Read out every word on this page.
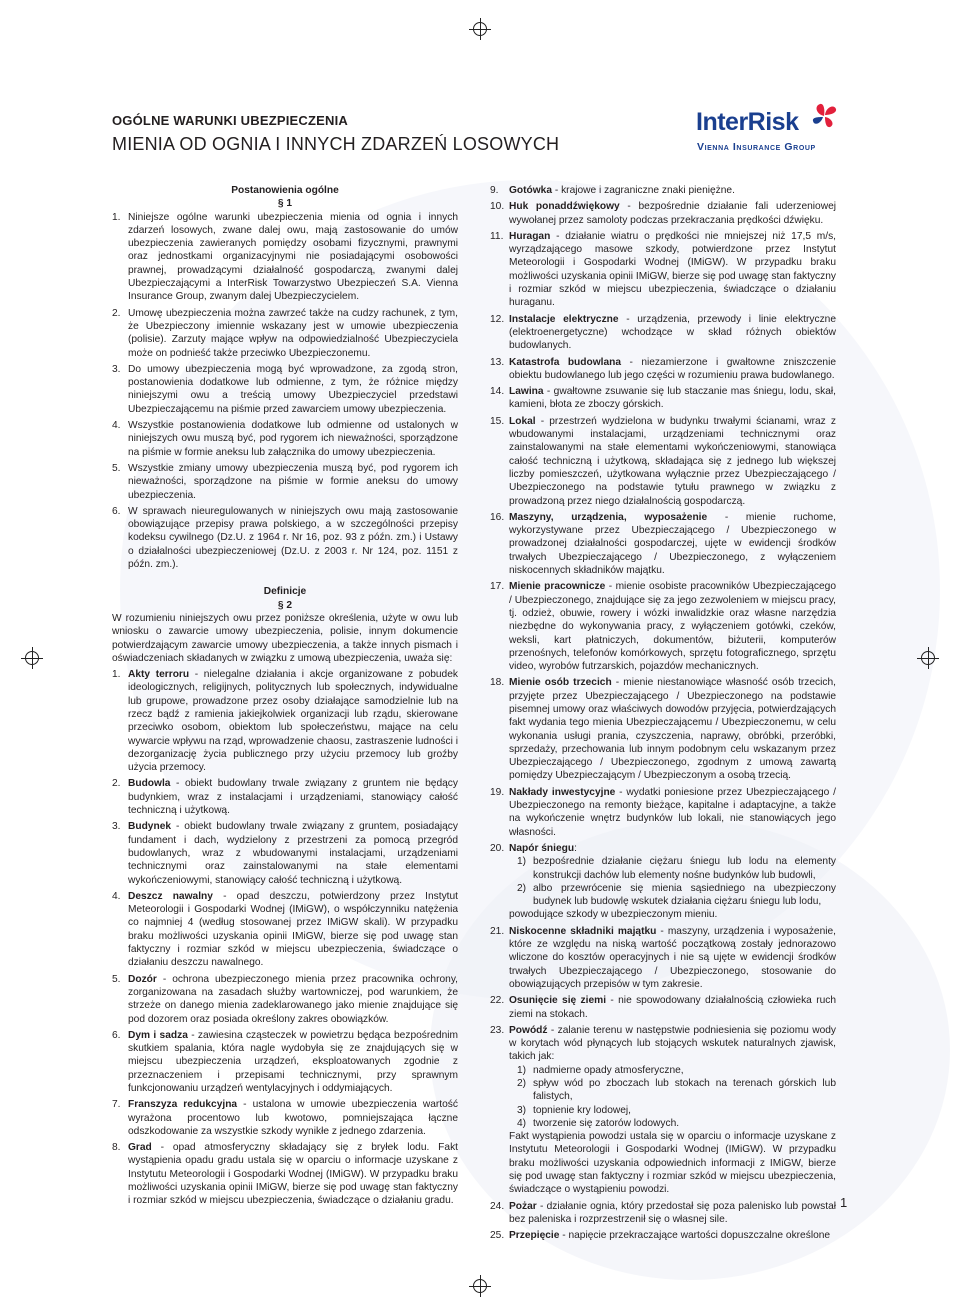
OGÓLNE WARUNKI UBEZPIECZENIA
MIENIA OD OGNIA I INNYCH ZDARZEŃ LOSOWYCH
InterRisk
Vienna Insurance Group

Postanowienia ogólne

§ 1

1. Niniejsze ogólne warunki ubezpieczenia mienia od ognia i innych zdarzeń losowych, zwane dalej owu, mają zastosowanie do umów ubezpieczenia zawieranych pomiędzy osobami fizycznymi, prawnymi oraz jednostkami organizacyjnymi nie posiadającymi osobowości prawnej, prowadzącymi działalność gospodarczą, zwanymi dalej Ubezpieczającymi a InterRisk Towarzystwo Ubezpieczeń S.A. Vienna Insurance Group, zwanym dalej Ubezpieczycielem.
2. Umowę ubezpieczenia można zawrzeć także na cudzy rachunek, z tym, że Ubezpieczony imiennie wskazany jest w umowie ubezpieczenia (polisie). Zarzuty mające wpływ na odpowiedzialność Ubezpieczyciela może on podnieść także przeciwko Ubezpieczonemu.
3. Do umowy ubezpieczenia mogą być wprowadzone, za zgodą stron, postanowienia dodatkowe lub odmienne, z tym, że różnice między niniejszymi owu a treścią umowy Ubezpieczyciel przedstawi Ubezpieczającemu na piśmie przed zawarciem umowy ubezpieczenia.
4. Wszystkie postanowienia dodatkowe lub odmienne od ustalonych w niniejszych owu muszą być, pod rygorem ich nieważności, sporządzone na piśmie w formie aneksu lub załącznika do umowy ubezpieczenia.
5. Wszystkie zmiany umowy ubezpieczenia muszą być, pod rygorem ich nieważności, sporządzone na piśmie w formie aneksu do umowy ubezpieczenia.
6. W sprawach nieuregulowanych w niniejszych owu mają zastosowanie obowiązujące przepisy prawa polskiego, a w szczególności przepisy kodeksu cywilnego (Dz.U. z 1964 r. Nr 16, poz. 93 z późn. zm.) i Ustawy o działalności ubezpieczeniowej (Dz.U. z 2003 r. Nr 124, poz. 1151 z późn. zm.).

Definicje

§ 2

W rozumieniu niniejszych owu przez poniższe określenia, użyte w owu lub wniosku o zawarcie umowy ubezpieczenia, polisie, innym dokumencie potwierdzającym zawarcie umowy ubezpieczenia, a także innych pismach i oświadczeniach składanych w związku z umową ubezpieczenia, uważa się:

1. Akty terroru - nielegalne działania i akcje organizowane z pobudek ideologicznych, religijnych, politycznych lub społecznych, indywidualne lub grupowe, prowadzone przez osoby działające samodzielnie lub na rzecz bądź z ramienia jakiejkolwiek organizacji lub rządu, skierowane przeciwko osobom, obiektom lub społeczeństwu, mające na celu wywarcie wpływu na rząd, wprowadzenie chaosu, zastraszenie ludności i dezorganizację życia publicznego przy użyciu przemocy lub groźby użycia przemocy.
2. Budowla - obiekt budowlany trwale związany z gruntem nie będący budynkiem, wraz z instalacjami i urządzeniami, stanowiący całość techniczną i użytkową.
3. Budynek - obiekt budowlany trwale związany z gruntem, posiadający fundament i dach, wydzielony z przestrzeni za pomocą przegród budowlanych, wraz z wbudowanymi instalacjami, urządzeniami technicznymi oraz zainstalowanymi na stałe elementami wykończeniowymi, stanowiący całość techniczną i użytkową.
4. Deszcz nawalny - opad deszczu, potwierdzony przez Instytut Meteorologii i Gospodarki Wodnej (IMiGW), o współczynniku natężenia co najmniej 4 (według stosowanej przez IMiGW skali). W przypadku braku możliwości uzyskania opinii IMiGW, bierze się pod uwagę stan faktyczny i rozmiar szkód w miejscu ubezpieczenia, świadczące o działaniu deszczu nawalnego.
5. Dozór - ochrona ubezpieczonego mienia przez pracownika ochrony, zorganizowana na zasadach służby wartowniczej, pod warunkiem, że strzeże on danego mienia zadeklarowanego jako mienie znajdujące się pod dozorem oraz posiada określony zakres obowiązków.
6. Dym i sadza - zawiesina cząsteczek w powietrzu będąca bezpośrednim skutkiem spalania, która nagle wydobyła się ze znajdujących się w miejscu ubezpieczenia urządzeń, eksploatowanych zgodnie z przeznaczeniem i przepisami technicznymi, przy sprawnym funkcjonowaniu urządzeń wentylacyjnych i oddymiających.
7. Franszyza redukcyjna - ustalona w umowie ubezpieczenia wartość wyrażona procentowo lub kwotowo, pomniejszająca łączne odszkodowanie za wszystkie szkody wynikłe z jednego zdarzenia.
8. Grad - opad atmosferyczny składający się z bryłek lodu. Fakt wystąpienia opadu gradu ustala się w oparciu o informacje uzyskane z Instytutu Meteorologii i Gospodarki Wodnej (IMiGW). W przypadku braku możliwości uzyskania opinii IMiGW, bierze się pod uwagę stan faktyczny i rozmiar szkód w miejscu ubezpieczenia, świadczące o działaniu gradu.
9. Gotówka - krajowe i zagraniczne znaki pieniężne.
10. Huk ponaddźwiękowy - bezpośrednie działanie fali uderzeniowej wywołanej przez samoloty podczas przekraczania prędkości dźwięku.
11. Huragan - działanie wiatru o prędkości nie mniejszej niż 17,5 m/s, wyrządzającego masowe szkody, potwierdzone przez Instytut Meteorologii i Gospodarki Wodnej (IMiGW). W przypadku braku możliwości uzyskania opinii IMiGW, bierze się pod uwagę stan faktyczny i rozmiar szkód w miejscu ubezpieczenia, świadczące o działaniu huraganu.
12. Instalacje elektryczne - urządzenia, przewody i linie elektryczne (elektroenergetyczne) wchodzące w skład różnych obiektów budowlanych.
13. Katastrofa budowlana - niezamierzone i gwałtowne zniszczenie obiektu budowlanego lub jego części w rozumieniu prawa budowlanego.
14. Lawina - gwałtowne zsuwanie się lub staczanie mas śniegu, lodu, skał, kamieni, błota ze zboczy górskich.
15. Lokal - przestrzeń wydzielona w budynku trwałymi ścianami, wraz z wbudowanymi instalacjami, urządzeniami technicznymi oraz zainstalowanymi na stałe elementami wykończeniowymi, stanowiąca całość techniczną i użytkową, składająca się z jednego lub większej liczby pomieszczeń, użytkowana wyłącznie przez Ubezpieczającego / Ubezpieczonego na podstawie tytułu prawnego w związku z prowadzoną przez niego działalnością gospodarczą.
16. Maszyny, urządzenia, wyposażenie - mienie ruchome, wykorzystywane przez Ubezpieczającego / Ubezpieczonego w prowadzonej działalności gospodarczej, ujęte w ewidencji środków trwałych Ubezpieczającego / Ubezpieczonego, z wyłączeniem niskocennych składników majątku.
17. Mienie pracownicze - mienie osobiste pracowników Ubezpieczającego / Ubezpieczonego, znajdujące się za jego zezwoleniem w miejscu pracy, tj. odzież, obuwie, rowery i wózki inwalidzkie oraz własne narzędzia niezbędne do wykonywania pracy, z wyłączeniem gotówki, czeków, weksli, kart płatniczych, dokumentów, biżuterii, komputerów przenośnych, telefonów komórkowych, sprzętu fotograficznego, sprzętu video, wyrobów futrzarskich, pojazdów mechanicznych.
18. Mienie osób trzecich - mienie niestanowiące własność osób trzecich, przyjęte przez Ubezpieczającego / Ubezpieczonego na podstawie pisemnej umowy oraz właściwych dowodów przyjęcia, potwierdzających fakt wydania tego mienia Ubezpieczającemu / Ubezpieczonemu, w celu wykonania usługi prania, czyszczenia, naprawy, obróbki, przeróbki, sprzedaży, przechowania lub innym podobnym celu wskazanym przez Ubezpieczającego / Ubezpieczonego, zgodnym z umową zawartą pomiędzy Ubezpieczającym / Ubezpieczonym a osobą trzecią.
19. Nakłady inwestycyjne - wydatki poniesione przez Ubezpieczającego / Ubezpieczonego na remonty bieżące, kapitalne i adaptacyjne, a także na wykończenie wnętrz budynków lub lokali, nie stanowiących jego własności.
20. Napór śniegu:
1) bezpośrednie działanie ciężaru śniegu lub lodu na elementy konstrukcji dachów lub elementy nośne budynków lub budowli,
2) albo przewrócenie się mienia sąsiedniego na ubezpieczony budynek lub budowlę wskutek działania ciężaru śniegu lub lodu,
powodujące szkody w ubezpieczonym mieniu.
21. Niskocenne składniki majątku - maszyny, urządzenia i wyposażenie, które ze względu na niską wartość początkową zostały jednorazowo wliczone do kosztów operacyjnych i nie są ujęte w ewidencji środków trwałych Ubezpieczającego / Ubezpieczonego, stosowanie do obowiązujących przepisów w tym zakresie.
22. Osunięcie się ziemi - nie spowodowany działalnością człowieka ruch ziemi na stokach.
23. Powódź - zalanie terenu w następstwie podniesienia się poziomu wody w korytach wód płynących lub stojących wskutek naturalnych zjawisk, takich jak:
1) nadmierne opady atmosferyczne,
2) spływ wód po zboczach lub stokach na terenach górskich lub falistych,
3) topnienie kry lodowej,
4) tworzenie się zatorów lodowych.
Fakt wystąpienia powodzi ustala się w oparciu o informacje uzyskane z Instytutu Meteorologii i Gospodarki Wodnej (IMiGW). W przypadku braku możliwości uzyskania odpowiednich informacji z IMiGW, bierze się pod uwagę stan faktyczny i rozmiar szkód w miejscu ubezpieczenia, świadczące o wystąpieniu powodzi.
24. Pożar - działanie ognia, który przedostał się poza palenisko lub powstał bez paleniska i rozprzestrzenił się o własnej sile.
25. Przepięcie - napięcie przekraczające wartości dopuszczalne określone
1
